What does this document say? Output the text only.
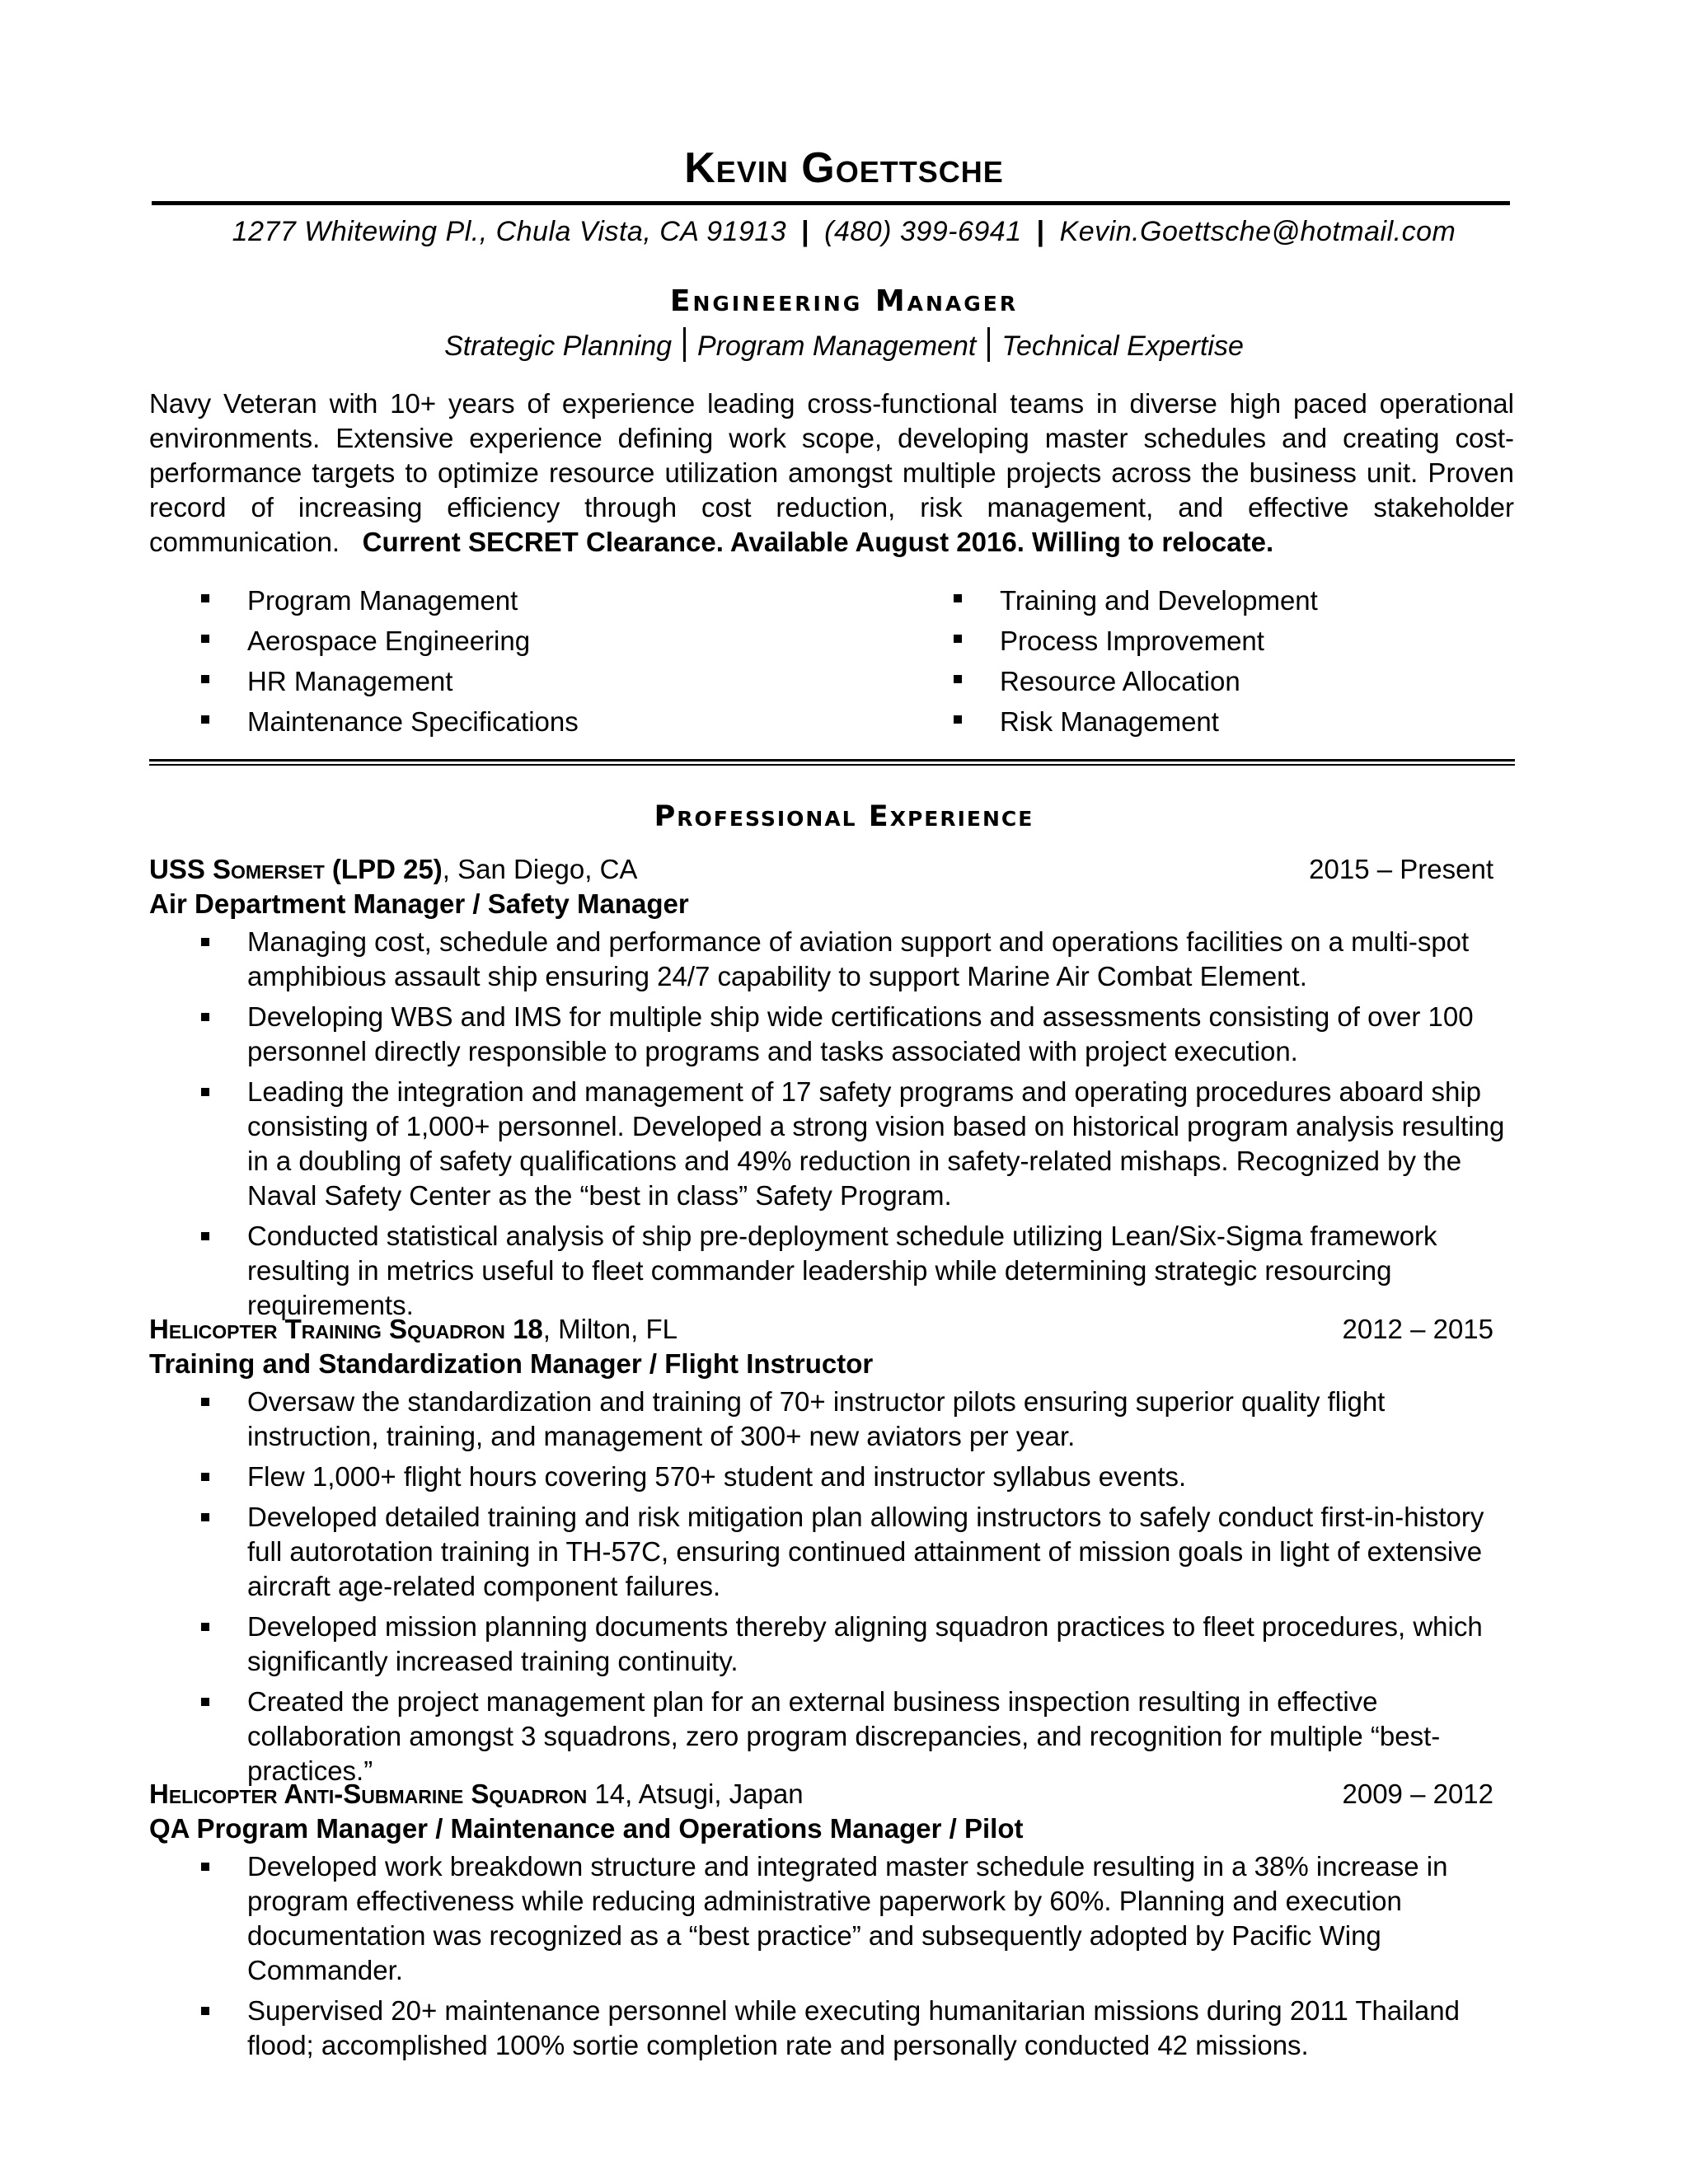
Kevin Goettsche
1277 Whitewing Pl., Chula Vista, CA 91913 | (480) 399-6941 | Kevin.Goettsche@hotmail.com
Engineering Manager
Strategic Planning Program Management Technical Expertise

Navy Veteran with 10+ years of experience leading cross-functional teams in diverse high paced operational environments. Extensive experience defining work scope, developing master schedules and creating cost-performance targets to optimize resource utilization amongst multiple projects across the business unit. Proven record of increasing efficiency through cost reduction, risk management, and effective stakeholder communication. Current SECRET Clearance. Available August 2016. Willing to relocate.

Program Management
Aerospace Engineering
HR Management
Maintenance Specifications
Training and Development
Process Improvement
Resource Allocation
Risk Management
Professional Experience
USS Somerset (LPD 25), San Diego, CA	2015 – Present

Air Department Manager / Safety Manager

Managing cost, schedule and performance of aviation support and operations facilities on a multi-spot amphibious assault ship ensuring 24/7 capability to support Marine Air Combat Element.
Developing WBS and IMS for multiple ship wide certifications and assessments consisting of over 100 personnel directly responsible to programs and tasks associated with project execution.
Leading the integration and management of 17 safety programs and operating procedures aboard ship consisting of 1,000+ personnel. Developed a strong vision based on historical program analysis resulting in a doubling of safety qualifications and 49% reduction in safety-related mishaps. Recognized by the Naval Safety Center as the “best in class” Safety Program.
Conducted statistical analysis of ship pre-deployment schedule utilizing Lean/Six-Sigma framework resulting in metrics useful to fleet commander leadership while determining strategic resourcing requirements.
Helicopter Training Squadron 18, Milton, FL	2012 – 2015

Training and Standardization Manager / Flight Instructor

Oversaw the standardization and training of 70+ instructor pilots ensuring superior quality flight instruction, training, and management of 300+ new aviators per year.
Flew 1,000+ flight hours covering 570+ student and instructor syllabus events.
Developed detailed training and risk mitigation plan allowing instructors to safely conduct first-in-history full autorotation training in TH-57C, ensuring continued attainment of mission goals in light of extensive aircraft age-related component failures.
Developed mission planning documents thereby aligning squadron practices to fleet procedures, which significantly increased training continuity.
Created the project management plan for an external business inspection resulting in effective collaboration amongst 3 squadrons, zero program discrepancies, and recognition for multiple “best-practices.”
Helicopter Anti-Submarine Squadron 14, Atsugi, Japan	2009 – 2012

QA Program Manager / Maintenance and Operations Manager / Pilot

Developed work breakdown structure and integrated master schedule resulting in a 38% increase in program effectiveness while reducing administrative paperwork by 60%. Planning and execution documentation was recognized as a “best practice” and subsequently adopted by Pacific Wing Commander.
Supervised 20+ maintenance personnel while executing humanitarian missions during 2011 Thailand flood; accomplished 100% sortie completion rate and personally conducted 42 missions.
